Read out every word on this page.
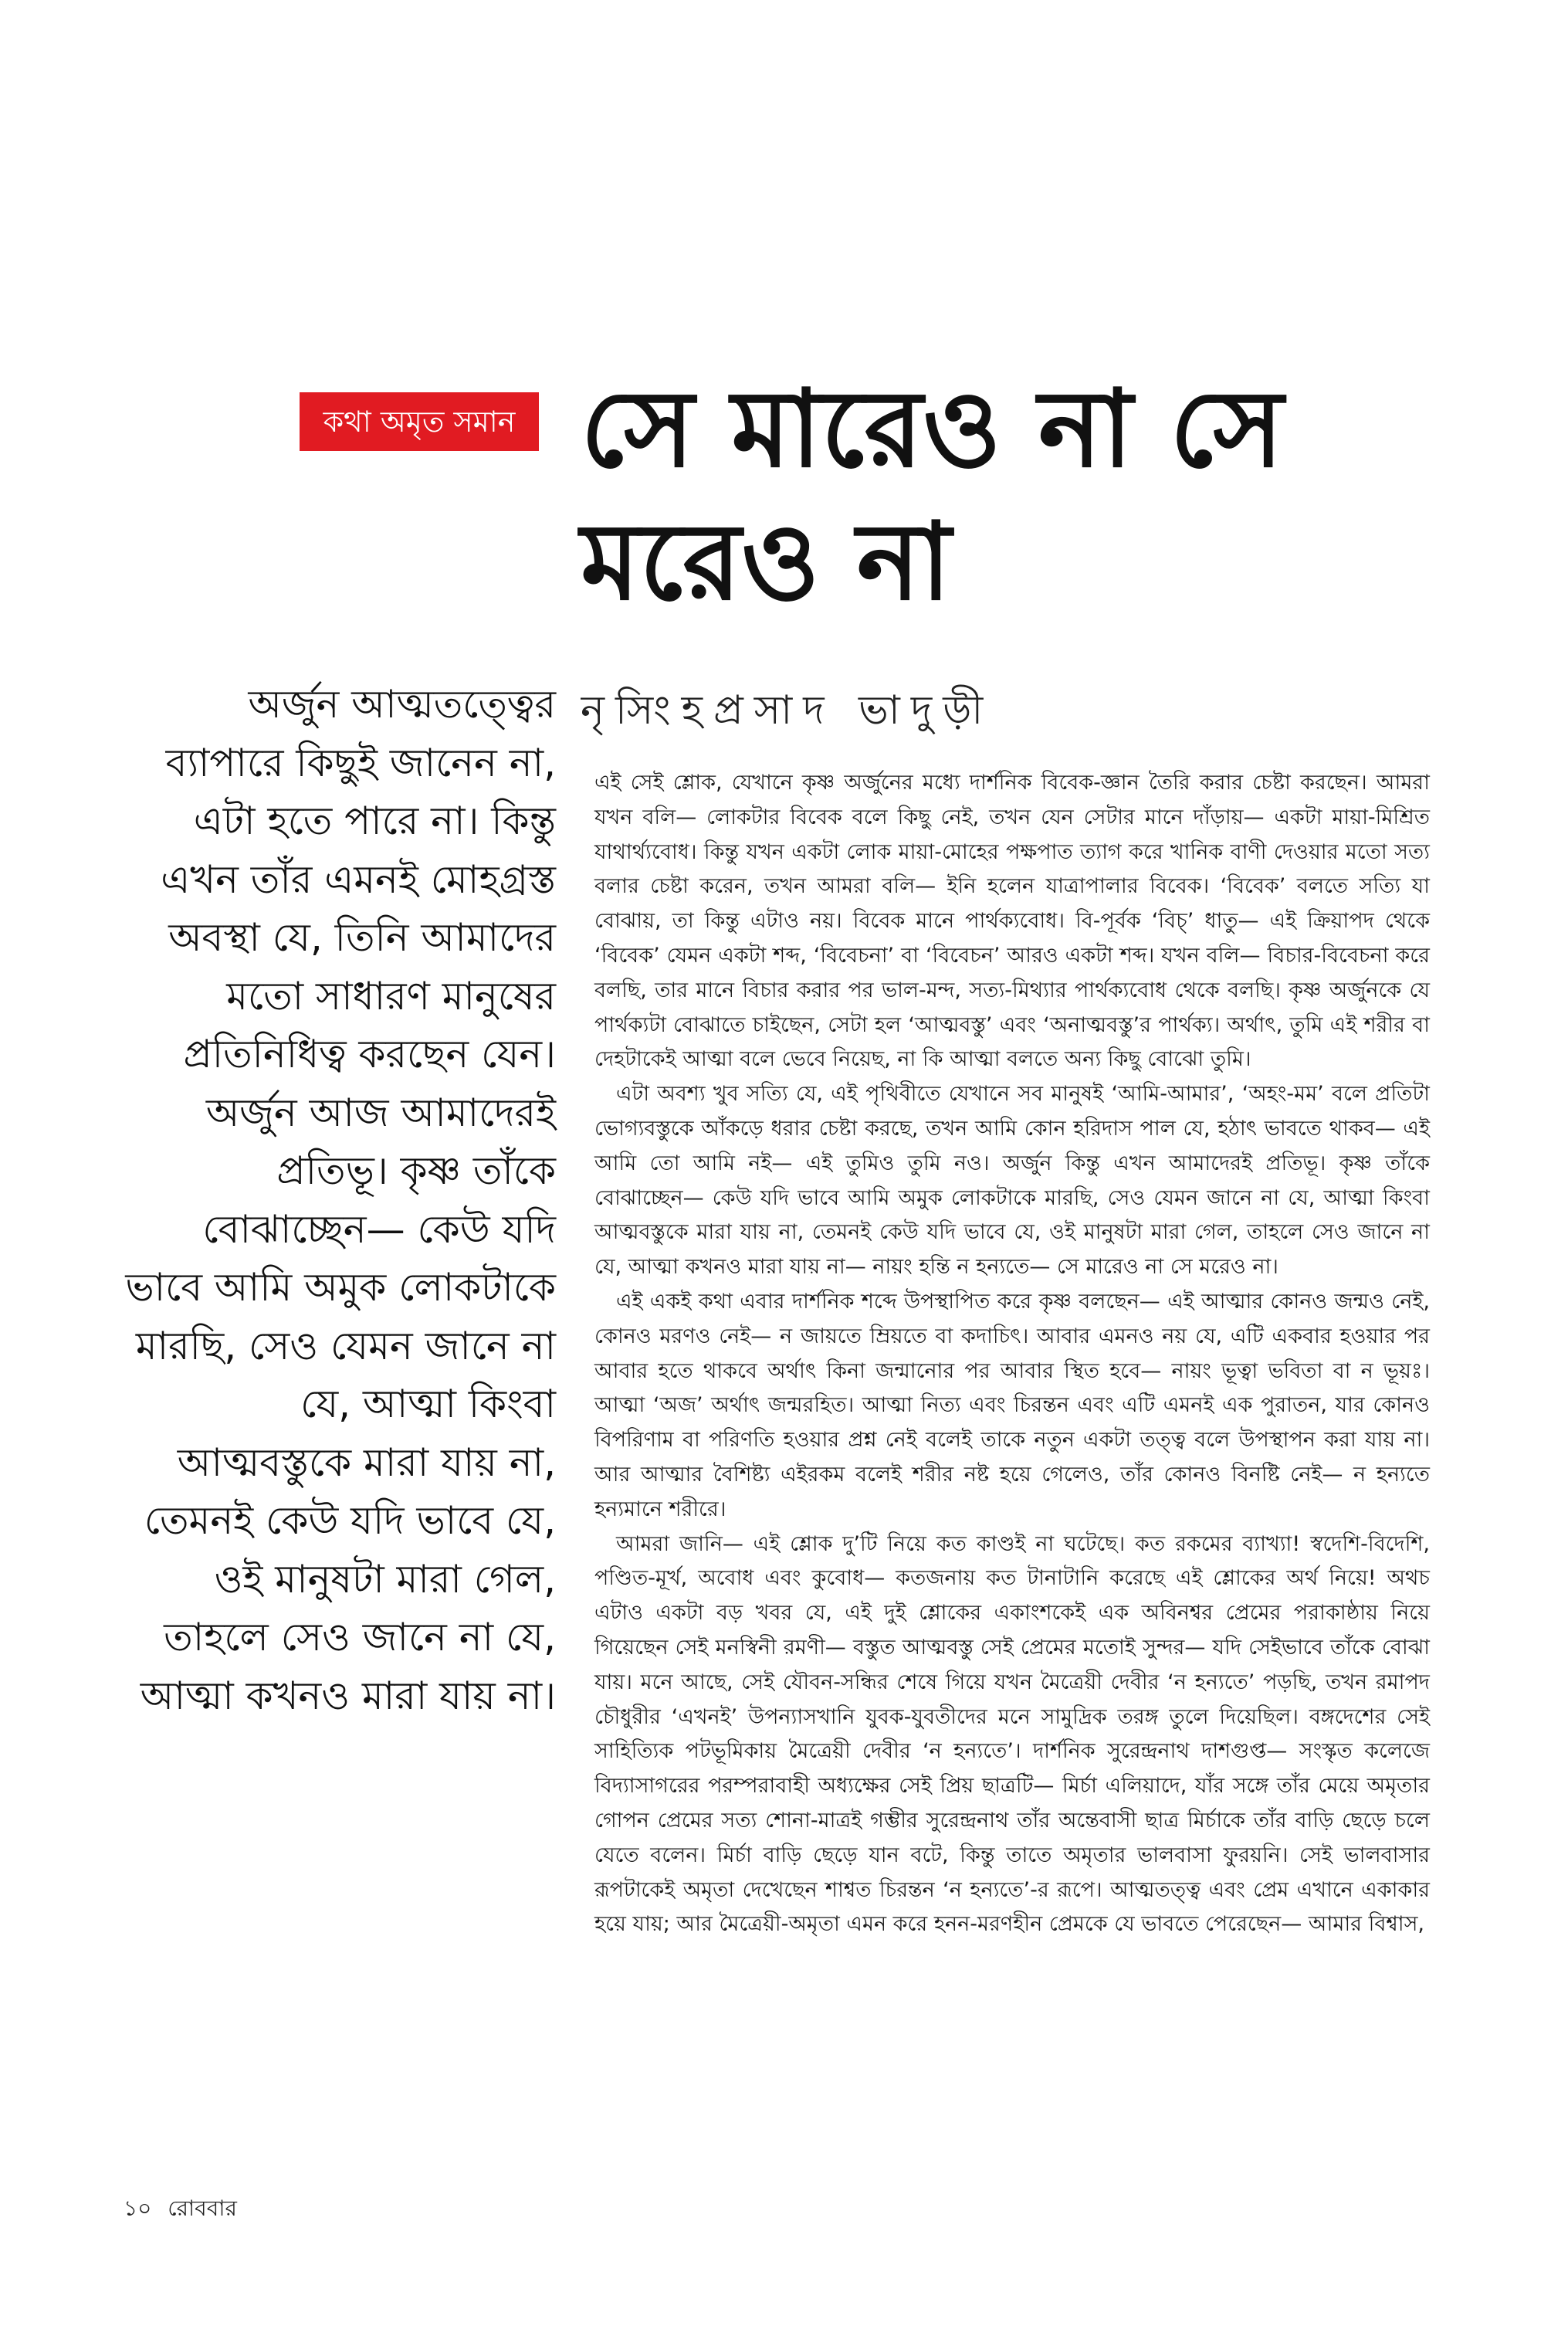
কথা অমৃত সমান সে মারেও না সে মরেও না
নৃসিংহপ্রসাদ ভাদুড়ী

অর্জুন আত্মতত্ত্বের ব্যাপারে কিছুই জানেন না, এটা হতে পারে না। কিন্তু এখন তাঁর এমনই মোহগ্রস্ত অবস্থা যে, তিনি আমাদের মতো সাধারণ মানুষের প্রতিনিধিত্ব করছেন যেন। অর্জুন আজ আমাদেরই প্রতিভূ। কৃষ্ণ তাঁকে বোঝাচ্ছেন— কেউ যদি ভাবে আমি অমুক লোকটাকে মারছি, সেও যেমন জানে না যে, আত্মা কিংবা আত্মবস্তুকে মারা যায় না, তেমনই কেউ যদি ভাবে যে, ওই মানুষটা মারা গেল, তাহলে সেও জানে না যে, আত্মা কখনও মারা যায় না।

এই সেই শ্লোক, যেখানে কৃষ্ণ অর্জুনের মধ্যে দার্শনিক বিবেক-জ্ঞান তৈরি করার চেষ্টা করছেন। আমরা যখন বলি— লোকটার বিবেক বলে কিছু নেই, তখন যেন সেটার মানে দাঁড়ায়— একটা মায়া-মিশ্রিত যাথার্থ্যবোধ। কিন্তু যখন একটা লোক মায়া-মোহের পক্ষপাত ত্যাগ করে খানিক বাণী দেওয়ার মতো সত্য বলার চেষ্টা করেন, তখন আমরা বলি— ইনি হলেন যাত্রাপালার বিবেক। ‘বিবেক’ বলতে সত্যি যা বোঝায়, তা কিন্তু এটাও নয়। বিবেক মানে পার্থক্যবোধ। বি-পূর্বক ‘বিচ্’ ধাতু— এই ক্রিয়াপদ থেকে ‘বিবেক’ যেমন একটা শব্দ, ‘বিবেচনা’ বা ‘বিবেচন’ আরও একটা শব্দ। যখন বলি— বিচার-বিবেচনা করে বলছি, তার মানে বিচার করার পর ভাল-মন্দ, সত্য-মিথ্যার পার্থক্যবোধ থেকে বলছি। কৃষ্ণ অর্জুনকে যে পার্থক্যটা বোঝাতে চাইছেন, সেটা হল ‘আত্মবস্তু’ এবং ‘অনাত্মবস্তু’র পার্থক্য। অর্থাৎ, তুমি এই শরীর বা দেহটাকেই আত্মা বলে ভেবে নিয়েছ, না কি আত্মা বলতে অন্য কিছু বোঝো তুমি।

এটা অবশ্য খুব সত্যি যে, এই পৃথিবীতে যেখানে সব মানুষই ‘আমি-আমার’, ‘অহং-মম’ বলে প্রতিটা ভোগ্যবস্তুকে আঁকড়ে ধরার চেষ্টা করছে, তখন আমি কোন হরিদাস পাল যে, হঠাৎ ভাবতে থাকব— এই আমি তো আমি নই— এই তুমিও তুমি নও। অর্জুন কিন্তু এখন আমাদেরই প্রতিভূ। কৃষ্ণ তাঁকে বোঝাচ্ছেন— কেউ যদি ভাবে আমি অমুক লোকটাকে মারছি, সেও যেমন জানে না যে, আত্মা কিংবা আত্মবস্তুকে মারা যায় না, তেমনই কেউ যদি ভাবে যে, ওই মানুষটা মারা গেল, তাহলে সেও জানে না যে, আত্মা কখনও মারা যায় না— নায়ং হন্তি ন হন্যতে— সে মারেও না সে মরেও না।

এই একই কথা এবার দার্শনিক শব্দে উপস্থাপিত করে কৃষ্ণ বলছেন— এই আত্মার কোনও জন্মও নেই, কোনও মরণও নেই— ন জায়তে ম্রিয়তে বা কদাচিৎ। আবার এমনও নয় যে, এটি একবার হওয়ার পর আবার হতে থাকবে অর্থাৎ কিনা জন্মানোর পর আবার স্থিত হবে— নায়ং ভূত্বা ভবিতা বা ন ভূয়ঃ। আত্মা ‘অজ’ অর্থাৎ জন্মরহিত। আত্মা নিত্য এবং চিরন্তন এবং এটি এমনই এক পুরাতন, যার কোনও বিপরিণাম বা পরিণতি হওয়ার প্রশ্ন নেই বলেই তাকে নতুন একটা তত্ত্ব বলে উপস্থাপন করা যায় না। আর আত্মার বৈশিষ্ট্য এইরকম বলেই শরীর নষ্ট হয়ে গেলেও, তাঁর কোনও বিনষ্টি নেই— ন হন্যতে হন্যমানে শরীরে।

আমরা জানি— এই শ্লোক দু’টি নিয়ে কত কাণ্ডই না ঘটেছে। কত রকমের ব্যাখ্যা! স্বদেশি-বিদেশি, পণ্ডিত-মূর্খ, অবোধ এবং কুবোধ— কতজনায় কত টানাটানি করেছে এই শ্লোকের অর্থ নিয়ে! অথচ এটাও একটা বড় খবর যে, এই দুই শ্লোকের একাংশকেই এক অবিনশ্বর প্রেমের পরাকাষ্ঠায় নিয়ে গিয়েছেন সেই মনস্বিনী রমণী— বস্তুত আত্মবস্তু সেই প্রেমের মতোই সুন্দর— যদি সেইভাবে তাঁকে বোঝা যায়। মনে আছে, সেই যৌবন-সন্ধির শেষে গিয়ে যখন মৈত্রেয়ী দেবীর ‘ন হন্যতে’ পড়ছি, তখন রমাপদ চৌধুরীর ‘এখনই’ উপন্যাসখানি যুবক-যুবতীদের মনে সামুদ্রিক তরঙ্গ তুলে দিয়েছিল। বঙ্গদেশের সেই সাহিত্যিক পটভূমিকায় মৈত্রেয়ী দেবীর ‘ন হন্যতে’। দার্শনিক সুরেন্দ্রনাথ দাশগুপ্ত— সংস্কৃত কলেজে বিদ্যাসাগরের পরম্পরাবাহী অধ্যক্ষের সেই প্রিয় ছাত্রটি— মির্চা এলিয়াদে, যাঁর সঙ্গে তাঁর মেয়ে অমৃতার গোপন প্রেমের সত্য শোনা-মাত্রই গম্ভীর সুরেন্দ্রনাথ তাঁর অন্তেবাসী ছাত্র মির্চাকে তাঁর বাড়ি ছেড়ে চলে যেতে বলেন। মির্চা বাড়ি ছেড়ে যান বটে, কিন্তু তাতে অমৃতার ভালবাসা ফুরয়নি। সেই ভালবাসার রূপটাকেই অমৃতা দেখেছেন শাশ্বত চিরন্তন ‘ন হন্যতে’-র রূপে। আত্মতত্ত্ব এবং প্রেম এখানে একাকার হয়ে যায়; আর মৈত্রেয়ী-অমৃতা এমন করে হনন-মরণহীন প্রেমকে যে ভাবতে পেরেছেন— আমার বিশ্বাস,

১০ রোববার
